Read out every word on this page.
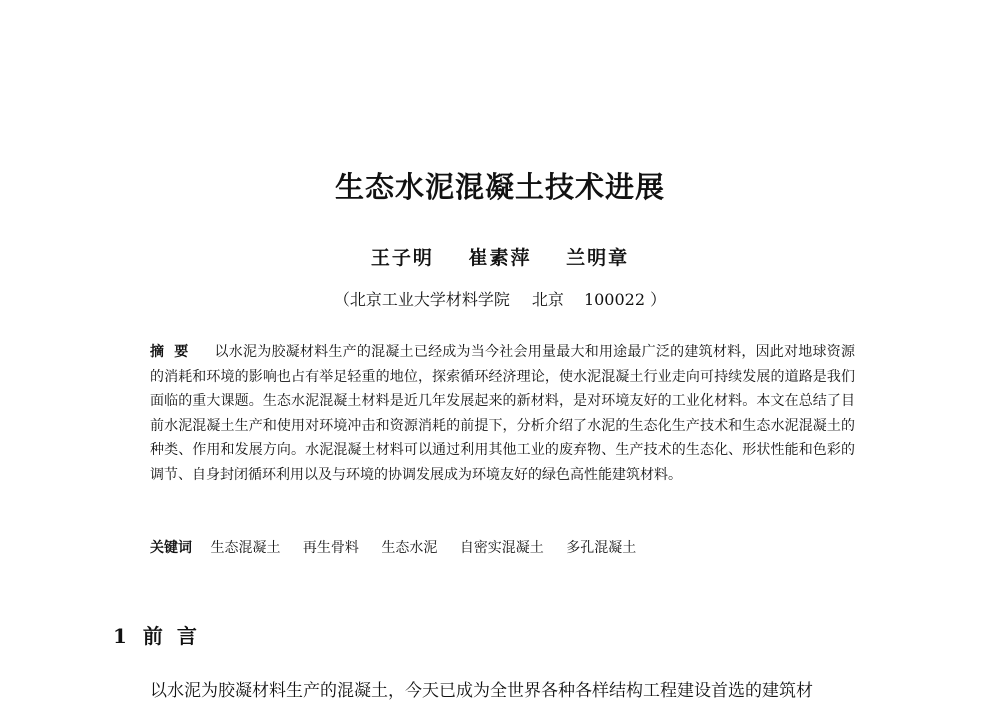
生态水泥混凝土技术进展
王子明 崔素萍 兰明章
（北京工业大学材料学院 北京 100022 ）
摘要 以水泥为胶凝材料生产的混凝土已经成为当今社会用量最大和用途最广泛的建筑材料，因此对地球资源的消耗和环境的影响也占有举足轻重的地位，探索循环经济理论，使水泥混凝土行业走向可持续发展的道路是我们面临的重大课题。生态水泥混凝土材料是近几年发展起来的新材料，是对环境友好的工业化材料。本文在总结了目前水泥混凝土生产和使用对环境冲击和资源消耗的前提下，分析介绍了水泥的生态化生产技术和生态水泥混凝土的种类、作用和发展方向。水泥混凝土材料可以通过利用其他工业的废弃物、生产技术的生态化、形状性能和色彩的调节、自身封闭循环利用以及与环境的协调发展成为环境友好的绿色高性能建筑材料。
关键词 生态混凝土 再生骨料 生态水泥 自密实混凝土 多孔混凝土
1 前言
以水泥为胶凝材料生产的混凝土，今天已成为全世界各种各样结构工程建设首选的建筑材
